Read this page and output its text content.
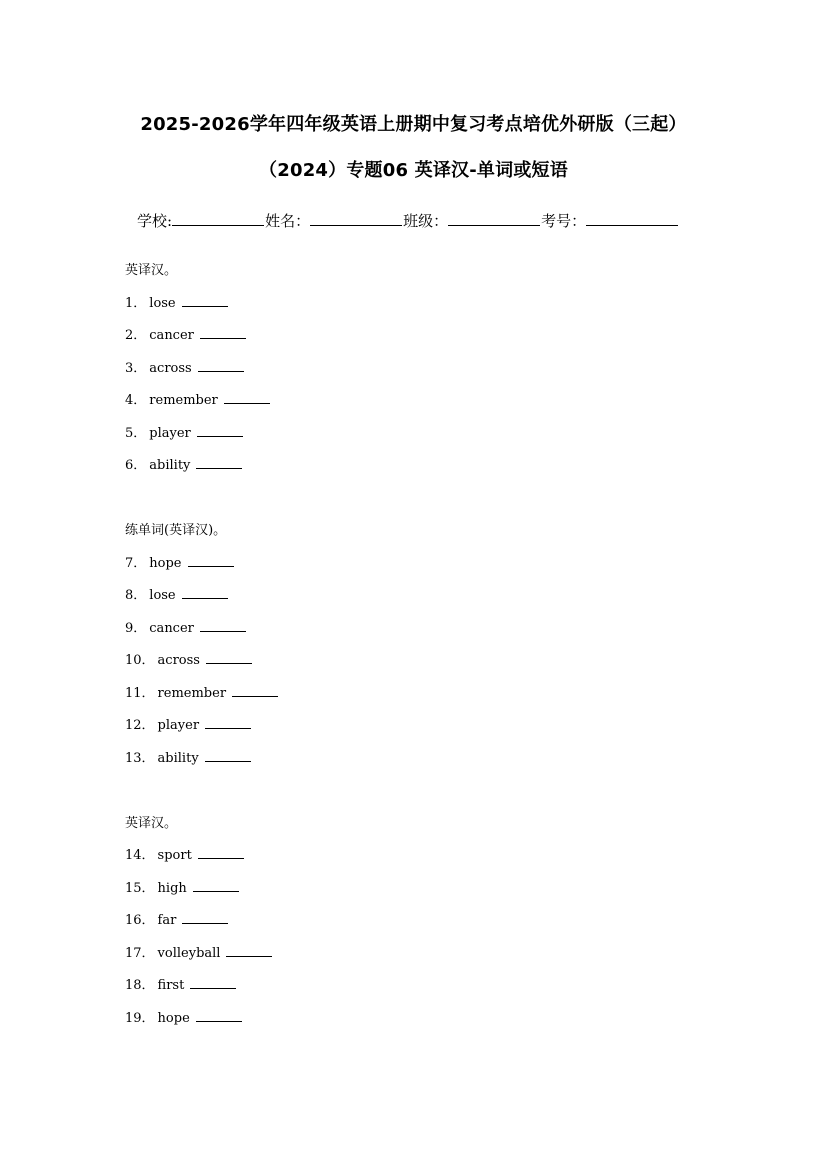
2025-2026学年四年级英语上册期中复习考点培优外研版（三起）
（2024）专题06 英译汉-单词或短语
学校:	姓名：	班级：	考号：
英译汉。
1． lose
2． cancer
3． across
4． remember
5． player
6． ability
练单词(英译汉)。
7． hope
8． lose
9． cancer
10． across
11． remember
12． player
13． ability
英译汉。
14． sport
15． high
16． far
17． volleyball
18． first
19． hope
